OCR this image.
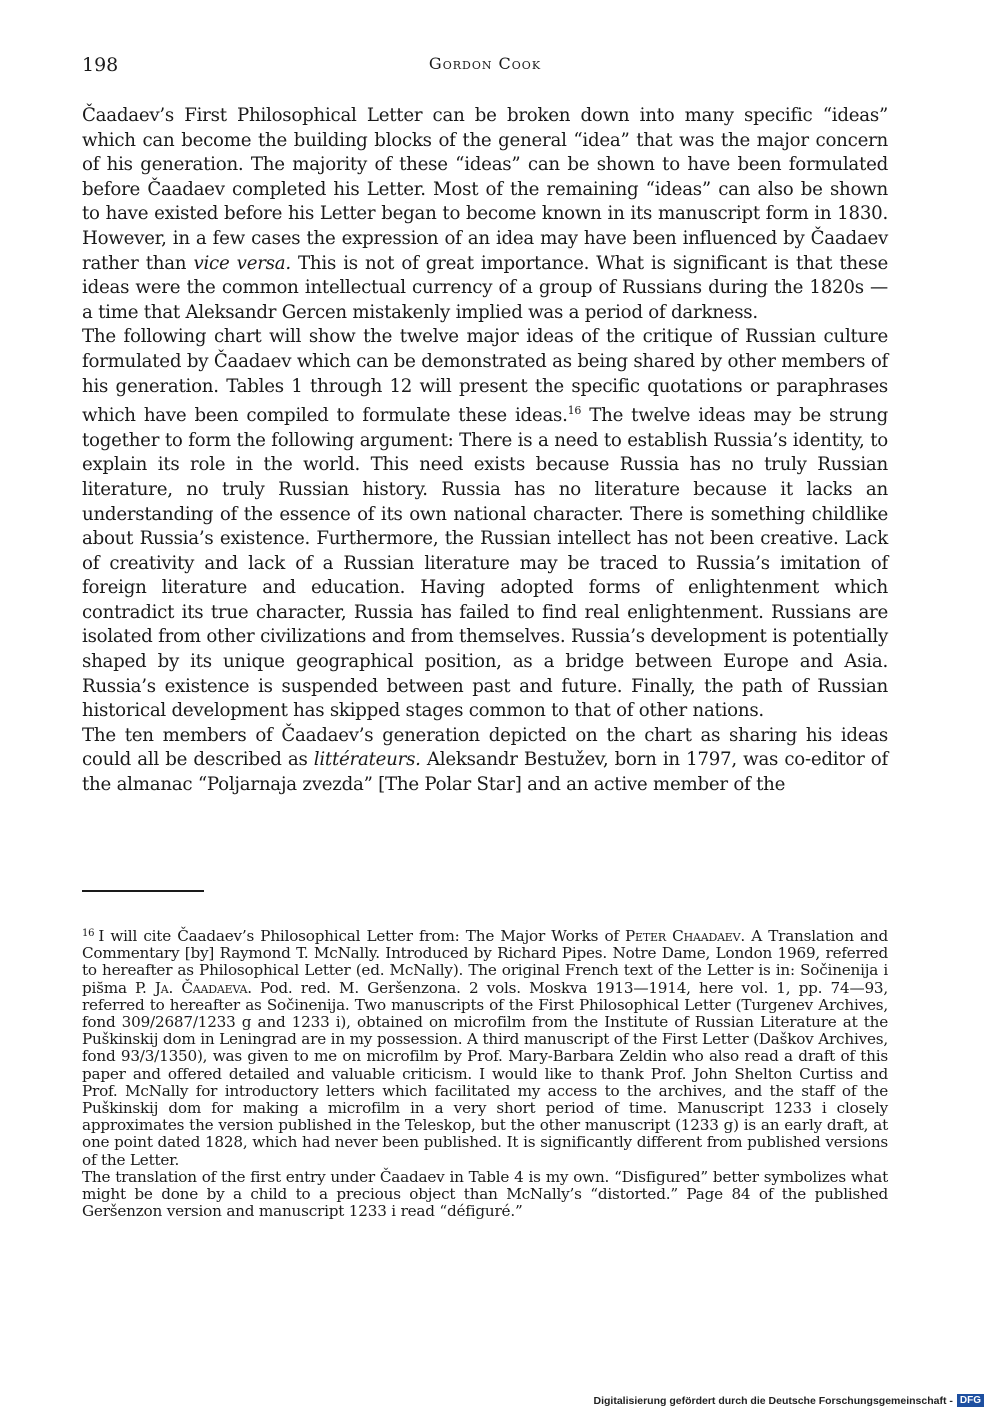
198	Gordon Cook

Čaadaev’s First Philosophical Letter can be broken down into many specific “ideas” which can become the building blocks of the general “idea” that was the major concern of his generation. The majority of these “ideas” can be shown to have been formulated before Čaadaev completed his Letter. Most of the remaining “ideas” can also be shown to have existed before his Letter began to become known in its manuscript form in 1830. However, in a few cases the expression of an idea may have been influenced by Čaadaev rather than vice versa. This is not of great importance. What is significant is that these ideas were the common intellectual currency of a group of Russians during the 1820s — a time that Aleksandr Gercen mistakenly implied was a period of darkness.

The following chart will show the twelve major ideas of the critique of Russian culture formulated by Čaadaev which can be demonstrated as being shared by other members of his generation. Tables 1 through 12 will present the specific quotations or paraphrases which have been compiled to formulate these ideas.$^{16}$ The twelve ideas may be strung together to form the following argument: There is a need to establish Russia’s identity, to explain its role in the world. This need exists because Russia has no truly Russian literature, no truly Russian history. Russia has no literature because it lacks an understanding of the essence of its own national character. There is something childlike about Russia’s existence. Furthermore, the Russian intellect has not been creative. Lack of creativity and lack of a Russian literature may be traced to Russia’s imitation of foreign literature and education. Having adopted forms of enlightenment which contradict its true character, Russia has failed to find real enlightenment. Russians are isolated from other civilizations and from themselves. Russia’s development is potentially shaped by its unique geographical position, as a bridge between Europe and Asia. Russia’s existence is suspended between past and future. Finally, the path of Russian historical development has skipped stages common to that of other nations.

The ten members of Čaadaev’s generation depicted on the chart as sharing his ideas could all be described as littérateurs. Aleksandr Bestužev, born in 1797, was co-editor of the almanac “Poljarnaja zvezda” [The Polar Star] and an active member of the

$^{16}$ I will cite Čaadaev’s Philosophical Letter from: The Major Works of Peter Chaadaev. A Translation and Commentary [by] Raymond T. McNally. Introduced by Richard Pipes. Notre Dame, London 1969, referred to hereafter as Philosophical Letter (ed. McNally). The original French text of the Letter is in: Sočinenija i pis̆ma P. Ja. Čaadaeva. Pod. red. M. Geršenzona. 2 vols. Moskva 1913—1914, here vol. 1, pp. 74—93, referred to hereafter as Sočinenija. Two manuscripts of the First Philosophical Letter (Turgenev Archives, fond 309/2687/1233 g and 1233 i), obtained on microfilm from the Institute of Russian Literature at the Puškinskij dom in Leningrad are in my possession. A third manuscript of the First Letter (Daškov Archives, fond 93/3/1350), was given to me on microfilm by Prof. Mary-Barbara Zeldin who also read a draft of this paper and offered detailed and valuable criticism. I would like to thank Prof. John Shelton Curtiss and Prof. McNally for introductory letters which facilitated my access to the archives, and the staff of the Puškinskij dom for making a microfilm in a very short period of time. Manuscript 1233 i closely approximates the version published in the Teleskop, but the other manuscript (1233 g) is an early draft, at one point dated 1828, which had never been published. It is significantly different from published versions of the Letter.

The translation of the first entry under Čaadaev in Table 4 is my own. “Disfigured” better symbolizes what might be done by a child to a precious object than McNally’s “distorted.” Page 84 of the published Geršenzon version and manuscript 1233 i read “défiguré.”

Digitalisierung gefördert durch die Deutsche Forschungsgemeinschaft - DFG
